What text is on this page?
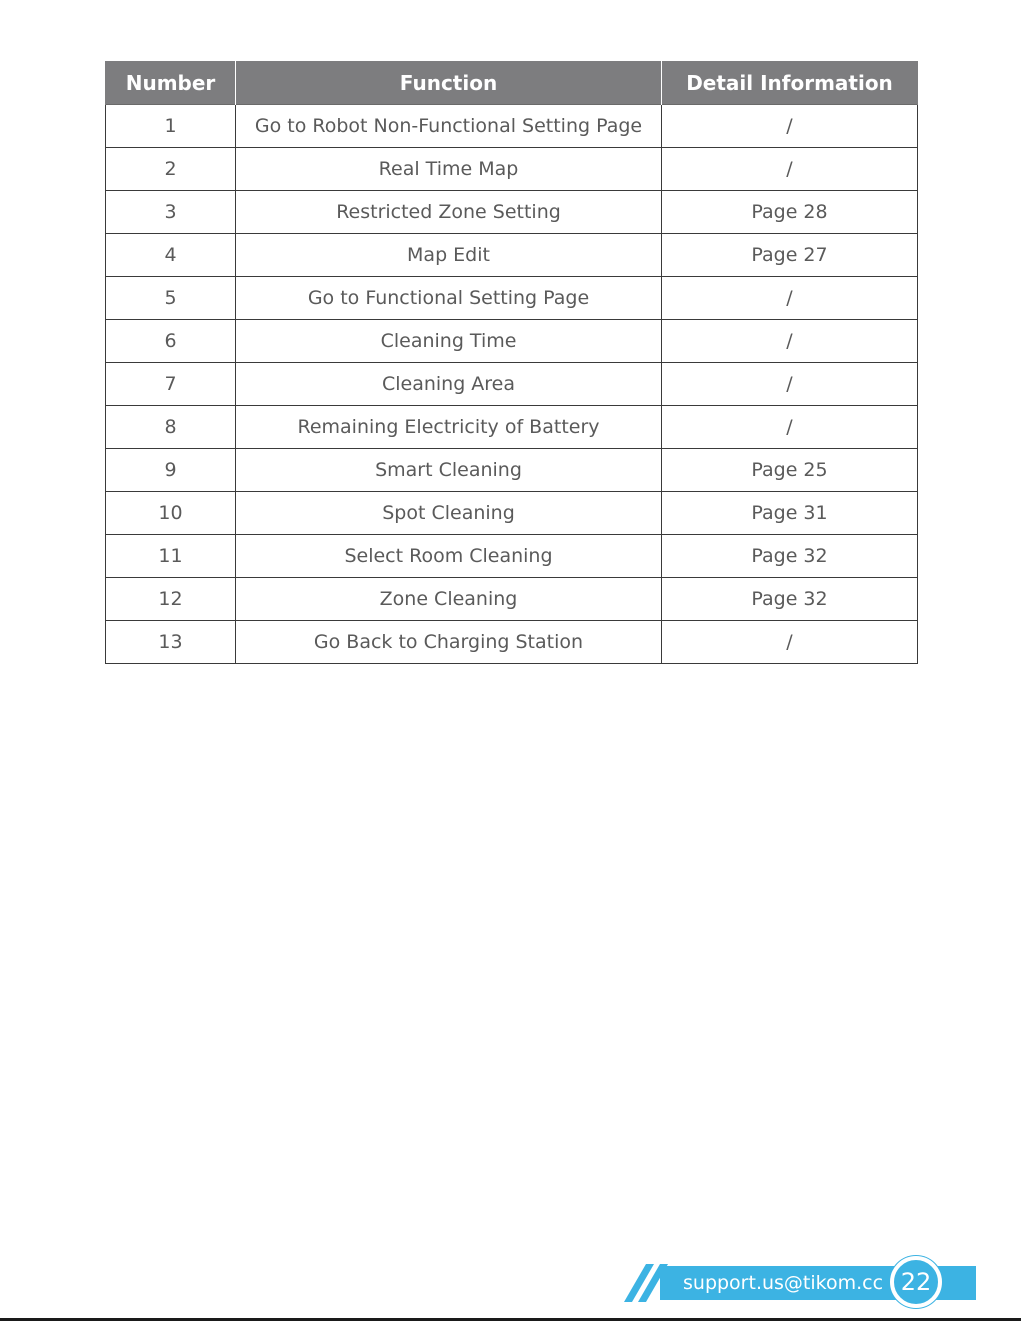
Number	Function	Detail Information
1	Go to Robot Non-Functional Setting Page	/
2	Real Time Map	/
3	Restricted Zone Setting	Page 28
4	Map Edit	Page 27
5	Go to Functional Setting Page	/
6	Cleaning Time	/
7	Cleaning Area	/
8	Remaining Electricity of Battery	/
9	Smart Cleaning	Page 25
10	Spot Cleaning	Page 31
11	Select Room Cleaning	Page 32
12	Zone Cleaning	Page 32
13	Go Back to Charging Station	/
support.us@tikom.cc 22
